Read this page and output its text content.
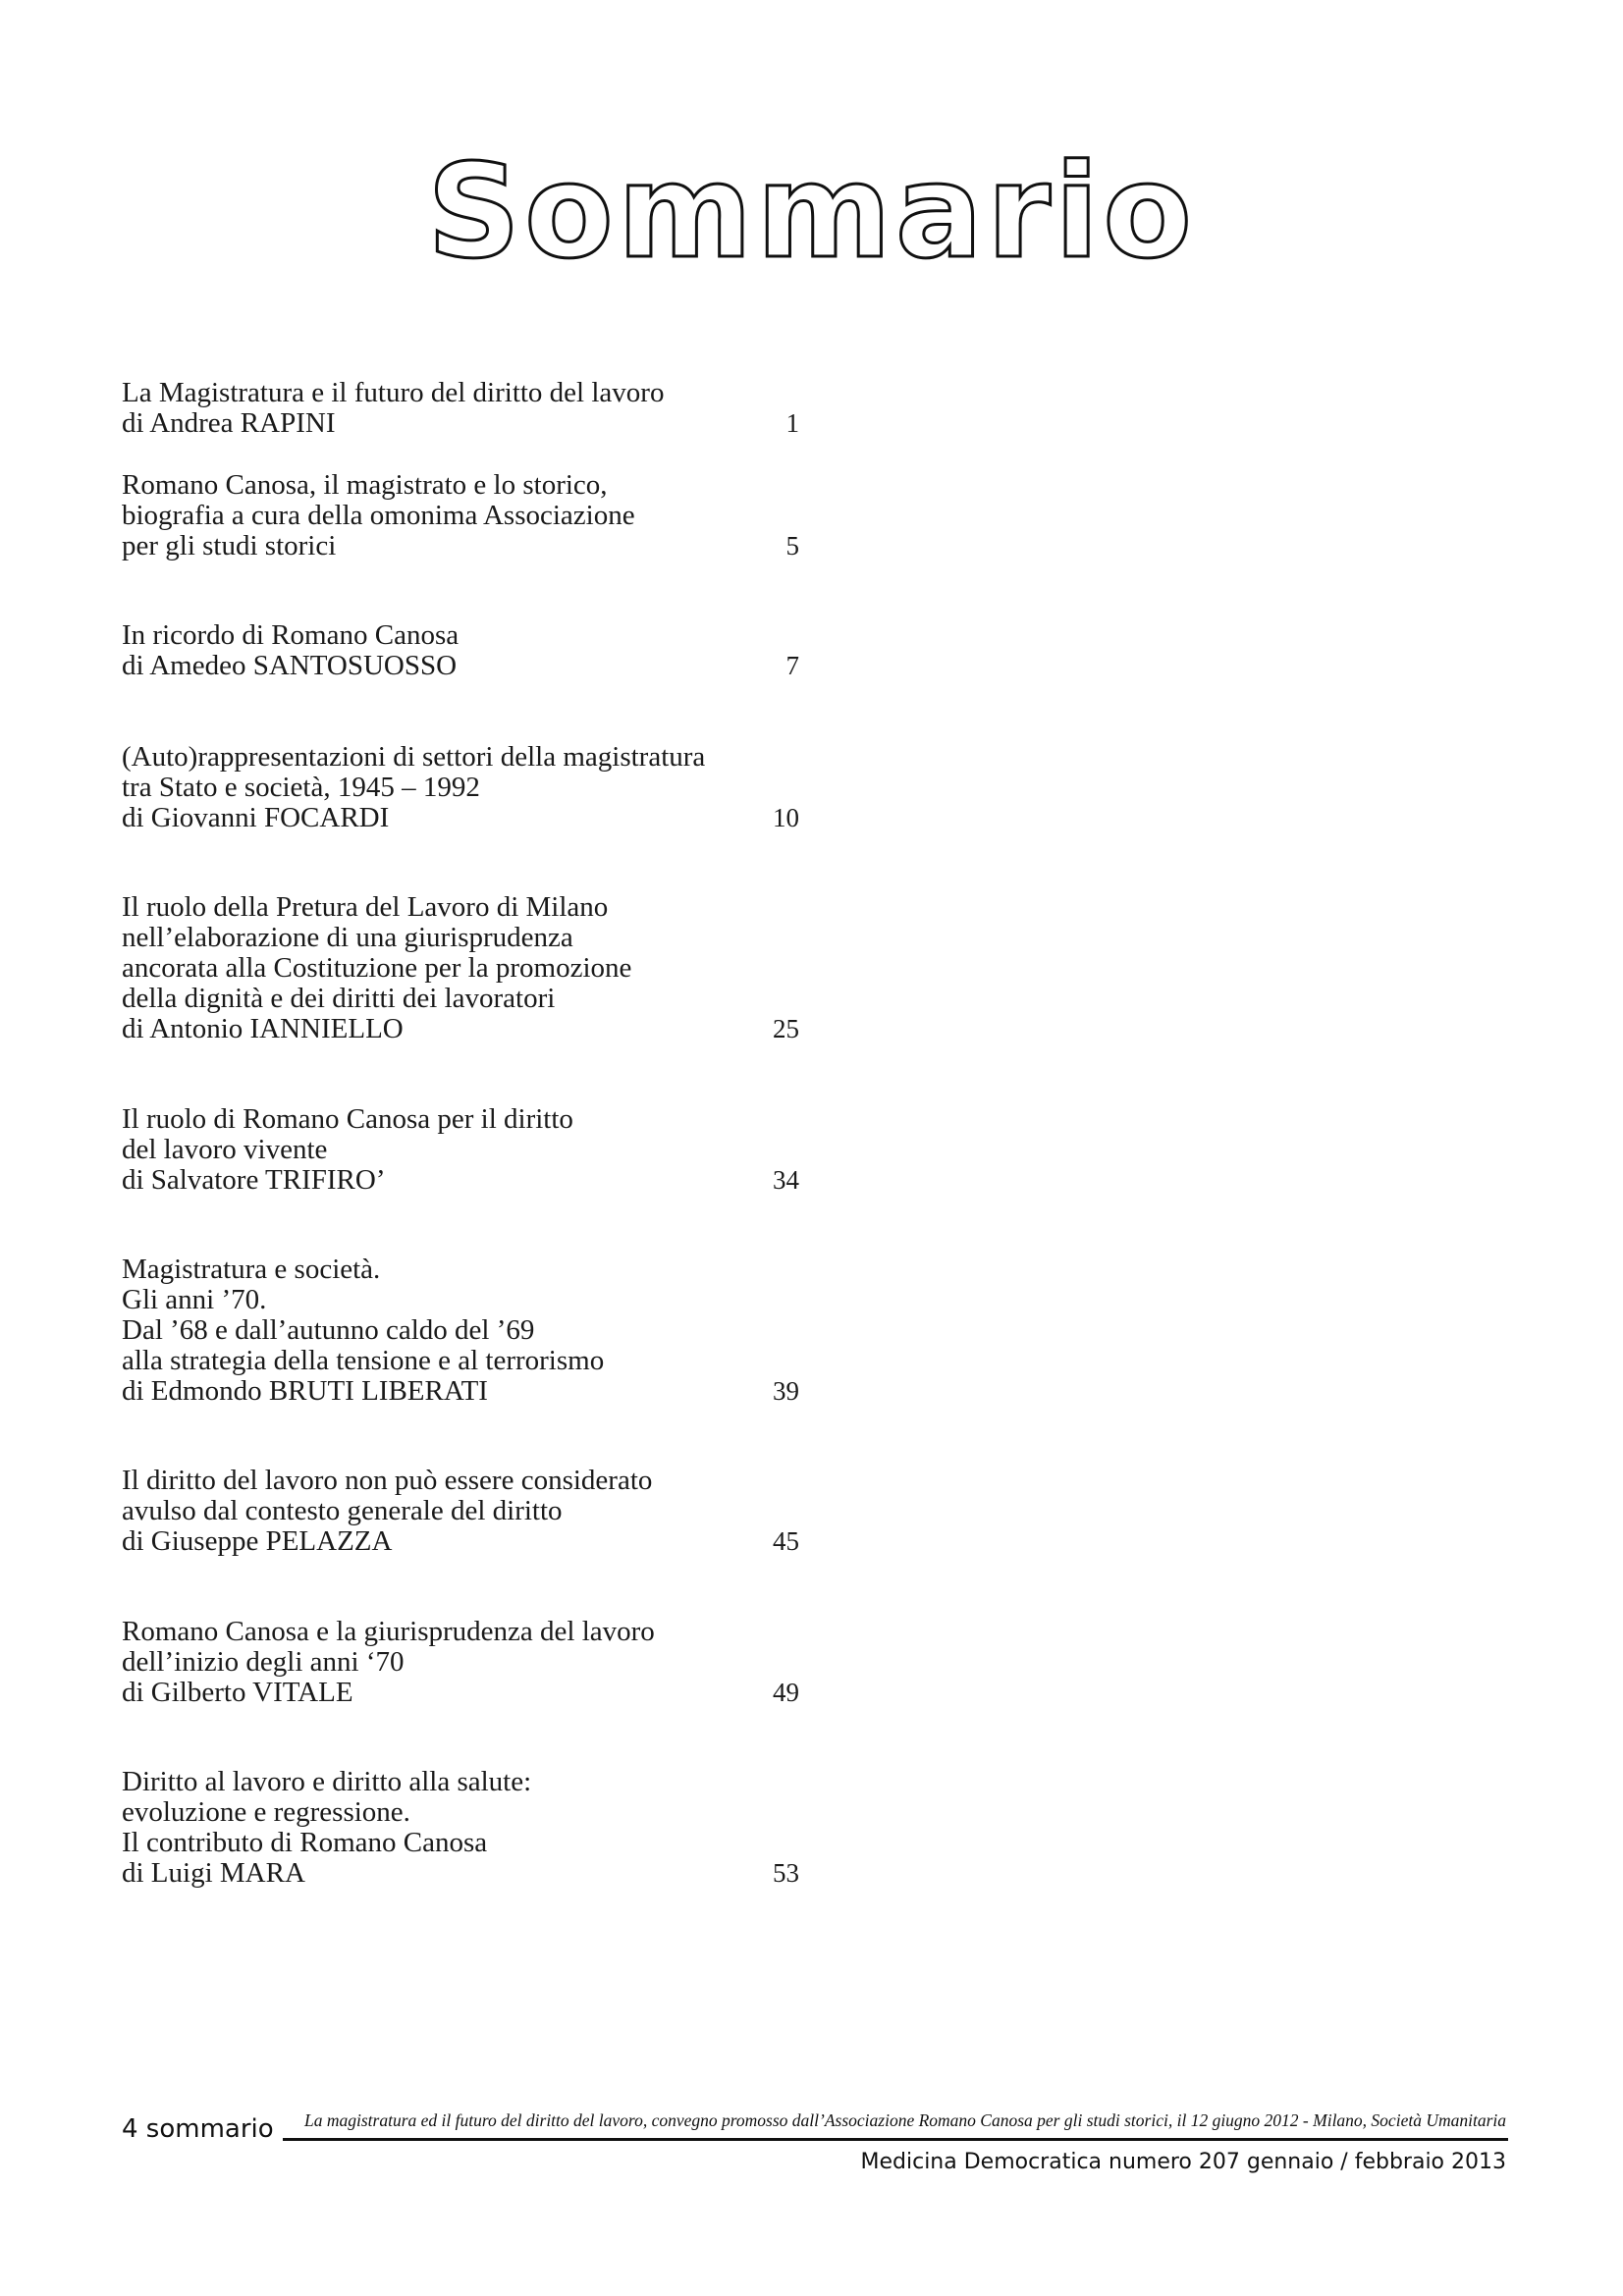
Sommario
La Magistratura e il futuro del diritto del lavoro
di Andrea RAPINI	1
Romano Canosa, il magistrato e lo storico,
biografia a cura della omonima Associazione
per gli studi storici	5
In ricordo di Romano Canosa
di Amedeo SANTOSUOSSO	7
(Auto)rappresentazioni di settori della magistratura
tra Stato e società, 1945 – 1992
di Giovanni FOCARDI	10
Il ruolo della Pretura del Lavoro di Milano
nell’elaborazione di una giurisprudenza
ancorata alla Costituzione per la promozione
della dignità e dei diritti dei lavoratori
di Antonio IANNIELLO	25
Il ruolo di Romano Canosa per il diritto
del lavoro vivente
di Salvatore TRIFIRO’	34
Magistratura e società.
Gli anni ’70.
Dal ’68 e dall’autunno caldo del ’69
alla strategia della tensione e al terrorismo
di Edmondo BRUTI LIBERATI	39
Il diritto del lavoro non può essere considerato
avulso dal contesto generale del diritto
di Giuseppe PELAZZA	45
Romano Canosa e la giurisprudenza del lavoro
dell’inizio degli anni ‘70
di Gilberto VITALE	49
Diritto al lavoro e diritto alla salute:
evoluzione e regressione.
Il contributo di Romano Canosa
di Luigi MARA	53
4 sommario	La magistratura ed il futuro del diritto del lavoro, convegno promosso dall’Associazione Romano Canosa per gli studi storici, il 12 giugno 2012 - Milano, Società Umanitaria
Medicina Democratica numero 207 gennaio / febbraio 2013
